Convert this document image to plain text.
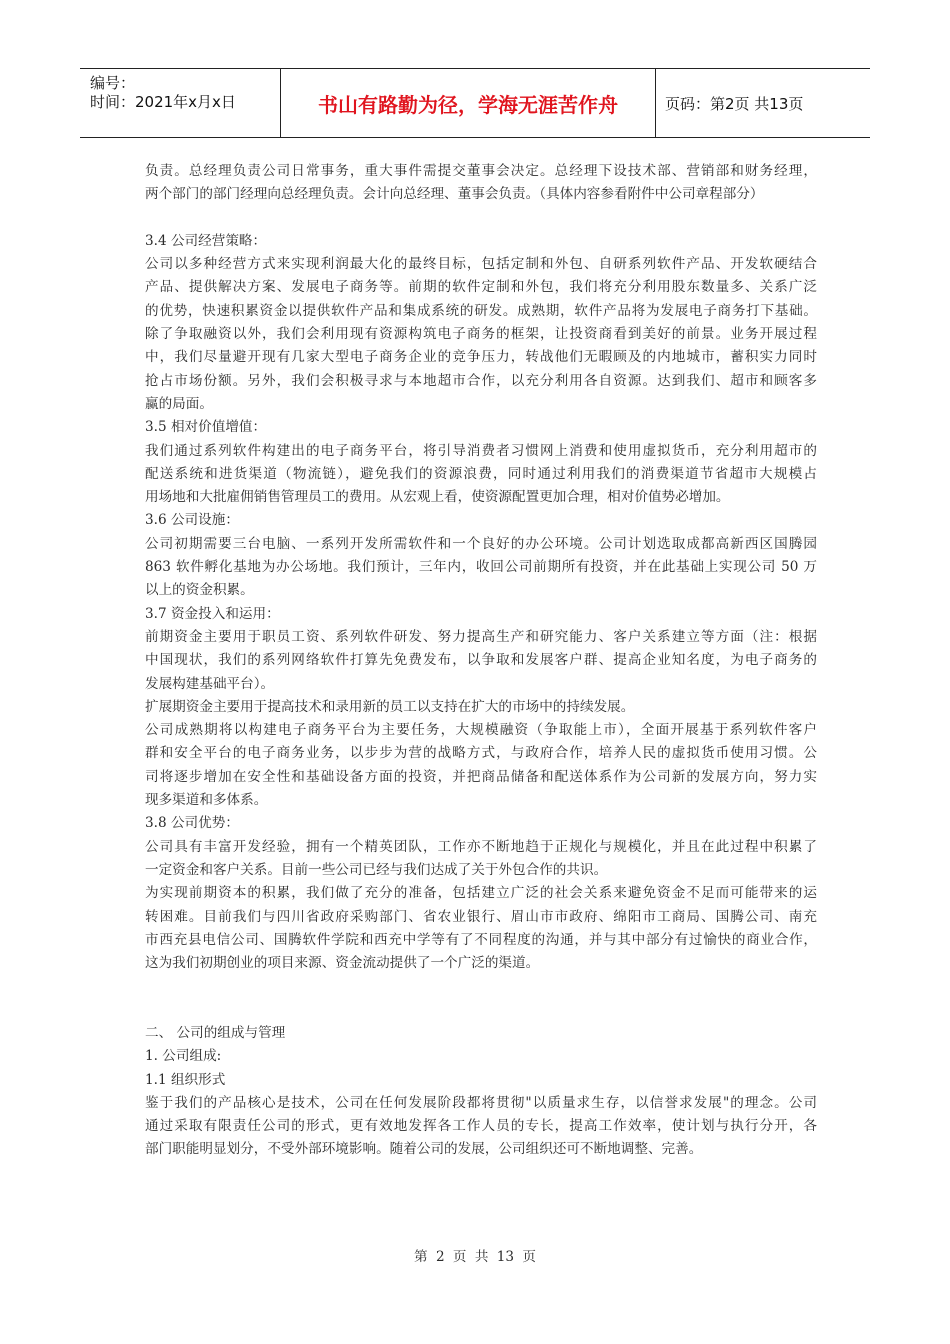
编号：
时间：2021年x月x日	书山有路勤为径，学海无涯苦作舟	页码：第2页 共13页
负责。总经理负责公司日常事务，重大事件需提交董事会决定。总经理下设技术部、营销部和财务经理，
两个部门的部门经理向总经理负责。会计向总经理、董事会负责。（具体内容参看附件中公司章程部分）
3.4 公司经营策略：
公司以多种经营方式来实现利润最大化的最终目标，包括定制和外包、自研系列软件产品、开发软硬结合
产品、提供解决方案、发展电子商务等。前期的软件定制和外包，我们将充分利用股东数量多、关系广泛
的优势，快速积累资金以提供软件产品和集成系统的研发。成熟期，软件产品将为发展电子商务打下基础。
除了争取融资以外，我们会利用现有资源构筑电子商务的框架，让投资商看到美好的前景。业务开展过程
中，我们尽量避开现有几家大型电子商务企业的竞争压力，转战他们无暇顾及的内地城市，蓄积实力同时
抢占市场份额。另外，我们会积极寻求与本地超市合作，以充分利用各自资源。达到我们、超市和顾客多
赢的局面。
3.5 相对价值增值：
我们通过系列软件构建出的电子商务平台，将引导消费者习惯网上消费和使用虚拟货币，充分利用超市的
配送系统和进货渠道（物流链），避免我们的资源浪费，同时通过利用我们的消费渠道节省超市大规模占
用场地和大批雇佣销售管理员工的费用。从宏观上看，使资源配置更加合理，相对价值势必增加。
3.6 公司设施：
公司初期需要三台电脑、一系列开发所需软件和一个良好的办公环境。公司计划选取成都高新西区国腾园
863 软件孵化基地为办公场地。我们预计，三年内，收回公司前期所有投资，并在此基础上实现公司 50 万
以上的资金积累。
3.7 资金投入和运用：
前期资金主要用于职员工资、系列软件研发、努力提高生产和研究能力、客户关系建立等方面（注：根据
中国现状，我们的系列网络软件打算先免费发布，以争取和发展客户群、提高企业知名度，为电子商务的
发展构建基础平台）。
扩展期资金主要用于提高技术和录用新的员工以支持在扩大的市场中的持续发展。
公司成熟期将以构建电子商务平台为主要任务，大规模融资（争取能上市），全面开展基于系列软件客户
群和安全平台的电子商务业务，以步步为营的战略方式，与政府合作，培养人民的虚拟货币使用习惯。公
司将逐步增加在安全性和基础设备方面的投资，并把商品储备和配送体系作为公司新的发展方向，努力实
现多渠道和多体系。
3.8 公司优势：
公司具有丰富开发经验，拥有一个精英团队，工作亦不断地趋于正规化与规模化，并且在此过程中积累了
一定资金和客户关系。目前一些公司已经与我们达成了关于外包合作的共识。
为实现前期资本的积累，我们做了充分的准备，包括建立广泛的社会关系来避免资金不足而可能带来的运
转困难。目前我们与四川省政府采购部门、省农业银行、眉山市市政府、绵阳市工商局、国腾公司、南充
市西充县电信公司、国腾软件学院和西充中学等有了不同程度的沟通，并与其中部分有过愉快的商业合作，
这为我们初期创业的项目来源、资金流动提供了一个广泛的渠道。
二、 公司的组成与管理
1. 公司组成:
1.1 组织形式
鉴于我们的产品核心是技术，公司在任何发展阶段都将贯彻"以质量求生存，以信誉求发展"的理念。公司
通过采取有限责任公司的形式，更有效地发挥各工作人员的专长，提高工作效率，使计划与执行分开，各
部门职能明显划分，不受外部环境影响。随着公司的发展，公司组织还可不断地调整、完善。
第 2 页 共 13 页
